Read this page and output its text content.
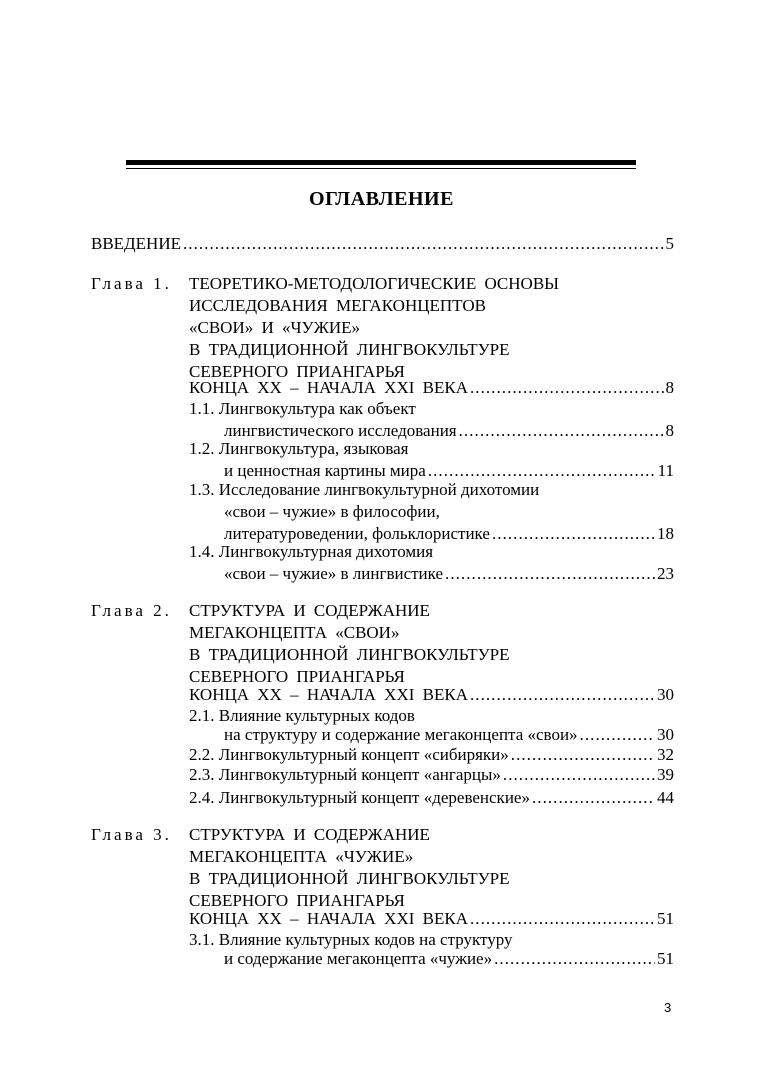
ОГЛАВЛЕНИЕ
ВВЕДЕНИЕ . . .	5
Глава 1. ТЕОРЕТИКО-МЕТОДОЛОГИЧЕСКИЕ ОСНОВЫ
ИССЛЕДОВАНИЯ МЕГАКОНЦЕПТОВ
«СВОИ» И «ЧУЖИЕ»
В ТРАДИЦИОННОЙ ЛИНГВОКУЛЬТУРЕ
СЕВЕРНОГО ПРИАНГАРЬЯ
КОНЦА XX – НАЧАЛА XXI ВЕКА . . .	8
1.1. Лингвокультура как объект
лингвистического исследования . . .	8
1.2. Лингвокультура, языковая
и ценностная картины мира . . .	11
1.3. Исследование лингвокультурной дихотомии
«свои – чужие» в философии,
литературоведении, фольклористике . . .	18
1.4. Лингвокультурная дихотомия
«свои – чужие» в лингвистике . . .	23
Глава 2. СТРУКТУРА И СОДЕРЖАНИЕ
МЕГАКОНЦЕПТА «СВОИ»
В ТРАДИЦИОННОЙ ЛИНГВОКУЛЬТУРЕ
СЕВЕРНОГО ПРИАНГАРЬЯ
КОНЦА XX – НАЧАЛА XXI ВЕКА . . .	30
2.1. Влияние культурных кодов
на структуру и содержание мегаконцепта «свои» . . .	30
2.2. Лингвокультурный концепт «сибиряки» . . .	32
2.3. Лингвокультурный концепт «ангарцы» . . .	39
2.4. Лингвокультурный концепт «деревенские» . . .	44
Глава 3. СТРУКТУРА И СОДЕРЖАНИЕ
МЕГАКОНЦЕПТА «ЧУЖИЕ»
В ТРАДИЦИОННОЙ ЛИНГВОКУЛЬТУРЕ
СЕВЕРНОГО ПРИАНГАРЬЯ
КОНЦА XX – НАЧАЛА XXI ВЕКА . . .	51
3.1. Влияние культурных кодов на структуру
и содержание мегаконцепта «чужие» . . .	51
3
